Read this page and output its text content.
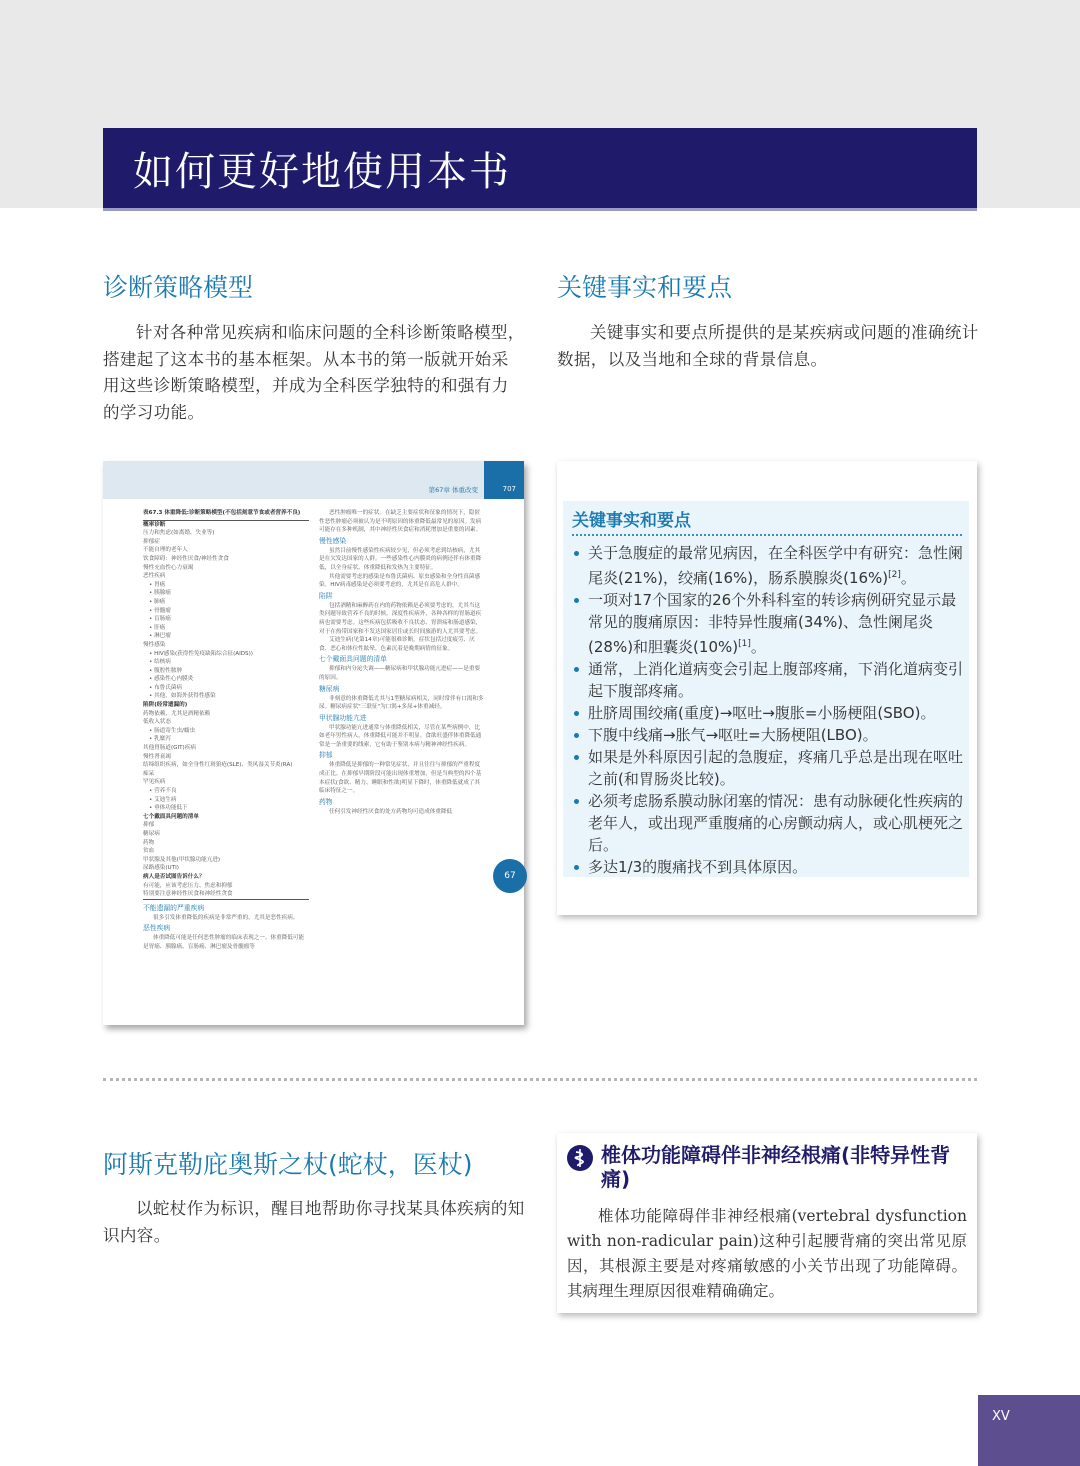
如何更好地使用本书
诊断策略模型

针对各种常见疾病和临床问题的全科诊断策略模型，搭建起了这本书的基本框架。从本书的第一版就开始采用这些诊断策略模型，并成为全科医学独特的和强有力的学习功能。

关键事实和要点

关键事实和要点所提供的是某疾病或问题的准确统计数据，以及当地和全球的背景信息。

第67章 体重改变	707
表67.3 体重降低:诊断策略模型(不包括刻意节食或者营养不良)
概率诊断
压力和焦虑(如离婚、失业等)
抑郁症
不能自理的老年人
饮食障碍：神经性厌食/神经性贪食
慢性充血性心力衰竭
恶性疾病
• 胃癌
• 胰腺癌
• 肺癌
• 骨髓瘤
• 盲肠癌
• 肝癌
• 淋巴瘤
慢性感染
• HIV感染(获得性免疫缺陷综合征(AIDS))
• 结核病
• 腹腔性脓肿
• 感染性心内膜炎
• 布鲁氏菌病
• 其他，如海外获得性感染
陷阱(经常遗漏的)
药物依赖，尤其是酒精依赖
低收入状态
• 肠道寄生虫/蠕虫
• 乳糜泻
其他胃肠道(GIT)疾病
慢性肾衰竭
结缔组织疾病，如全身性红斑狼疮(SLE)、类风湿关节炎(RA)
痴呆
罕见疾病
• 营养不良
• 艾迪生病
• 垂体功能低下
七个戴面具问题的清单
抑郁
糖尿病
药物
贫血
甲状腺及其他(甲状腺功能亢进)
尿路感染(UTI)
病人是否试图告诉什么？
有可能，应该考虑压力、焦虑和抑郁
特别要注意神经性厌食和神经性贪食
不能遗漏的严重疾病

很多引发体重降低的疾病是非常严重的，尤其是恶性疾病。

恶性疾病

体重降低可能是任何恶性肿瘤的临床表现之一。体重降低可能是胃癌、胰腺癌、盲肠癌、淋巴瘤及骨髓瘤等

恶性肿瘤唯一的症状。在缺乏主要症状和征象的情况下，隐匿性恶性肿瘤必须被认为是不明原因的体重降低最常见的原因。发病可能存在多种机制，其中神经性厌食症和消耗增加是重要的因素。

慢性感染

虽然目前慢性感染性疾病较少见，但必须考虑到结核病，尤其是在欠发达国家的人群。一些感染性心内膜炎的病例还伴有体重降低，以全身症状、体重降低和发热为主要特征。

其他需要考虑的感染是布鲁氏菌病、原虫感染和全身性真菌感染。HIV病毒感染是必须要考虑的，尤其是在高危人群中。

陷阱

包括酒精和麻醉药在内的药物依赖是必须要考虑的，尤其当这类问题导致营养不良的时候。深度性疾病外，各种各样的胃肠道疾病也需要考虑。这些疾病包括吸收不良状态、胃溃疡和肠道感染，对于在热带国家和不发达国家居住或长时间旅游的人尤其要考虑。

艾迪生病(见第14章)可能很难诊断。症状包括过度疲劳、厌食、恶心和体位性眩晕，色素沉着是晚期病情的征象。

七个戴面具问题的清单

抑郁和内分泌失调——糖尿病和甲状腺功能亢进症——是重要的原因。

糖尿病

非刻意的体重降低尤其与1型糖尿病相关，同时常伴有口渴和多尿。糖尿病症状"三联征"为口渴+多尿+体重减轻。

甲状腺功能亢进

甲状腺功能亢进通常与体重降低相关，尽管在某些病例中，比如老年男性病人，体重降低可能并不明显。食欲旺盛伴体重降低通常是一条重要的线索，它有助于鉴别本病与精神神经性疾病。

抑郁

体重降低是抑郁的一种常见症状，并且往往与抑郁的严重程度成正比。在抑郁早期阶段可能出现体重增加，但是当典型的四个基本症状(食欲、精力、睡眠和性欲)明显下降时，体重降低就成了其临床特征之一。

药物

任何引发神经性厌食的处方药物均可造成体重降低

67
关键事实和要点
关于急腹症的最常见病因，在全科医学中有研究：急性阑尾炎(21%)，绞痛(16%)，肠系膜腺炎(16%)[2]。
一项对17个国家的26个外科科室的转诊病例研究显示最常见的腹痛原因：非特异性腹痛(34%)、急性阑尾炎(28%)和胆囊炎(10%)[1]。
通常，上消化道病变会引起上腹部疼痛，下消化道病变引起下腹部疼痛。
肚脐周围绞痛(重度)→呕吐→腹胀=小肠梗阻(SBO)。
下腹中线痛→胀气→呕吐=大肠梗阻(LBO)。
如果是外科原因引起的急腹症，疼痛几乎总是出现在呕吐之前(和胃肠炎比较)。
必须考虑肠系膜动脉闭塞的情况：患有动脉硬化性疾病的老年人，或出现严重腹痛的心房颤动病人，或心肌梗死之后。
多达1/3的腹痛找不到具体原因。
阿斯克勒庇奥斯之杖(蛇杖，医杖)

以蛇杖作为标识，醒目地帮助你寻找某具体疾病的知识内容。

椎体功能障碍伴非神经根痛(非特异性背痛)

椎体功能障碍伴非神经根痛(vertebral dysfunction with non-radicular pain)这种引起腰背痛的突出常见原因，其根源主要是对疼痛敏感的小关节出现了功能障碍。其病理生理原因很难精确确定。

XV
